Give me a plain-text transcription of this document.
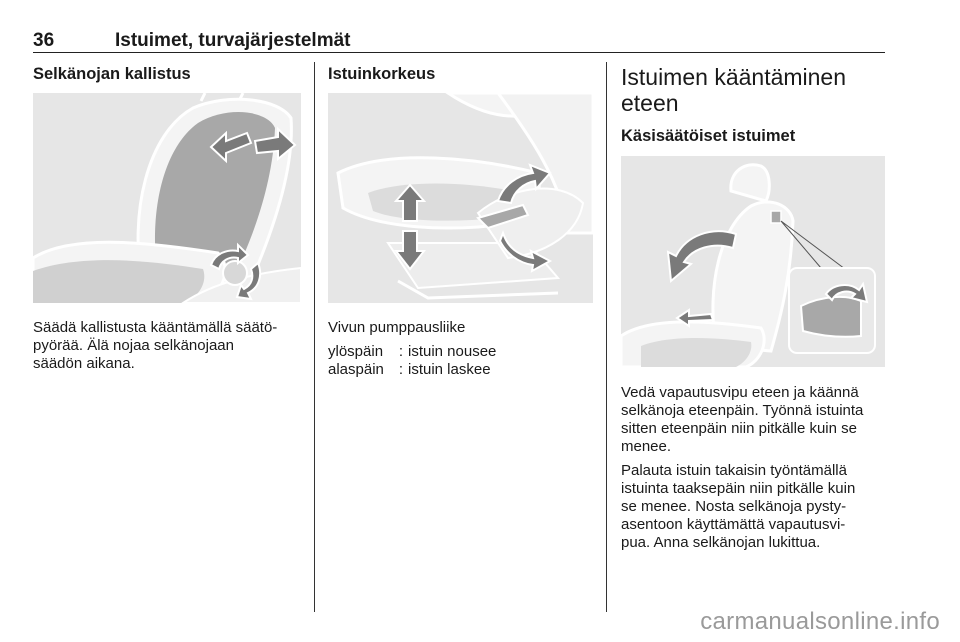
36	Istuimet, turvajärjestelmät
Selkänojan kallistus

Säädä kallistusta kääntämällä säätö-
pyörää. Älä nojaa selkänojaan
säädön aikana.

Istuinkorkeus

Vivun pumppausliike

ylöspäin	:	istuin nousee
alaspäin	:	istuin laskee
Istuimen kääntäminen
eteen
Käsisäätöiset istuimet

Vedä vapautusvipu eteen ja käännä
selkänoja eteenpäin. Työnnä istuinta
sitten eteenpäin niin pitkälle kuin se
menee.

Palauta istuin takaisin työntämällä
istuinta taaksepäin niin pitkälle kuin
se menee. Nosta selkänoja pysty-
asentoon käyttämättä vapautusvi-
pua. Anna selkänojan lukittua.

carmanualsonline.info
